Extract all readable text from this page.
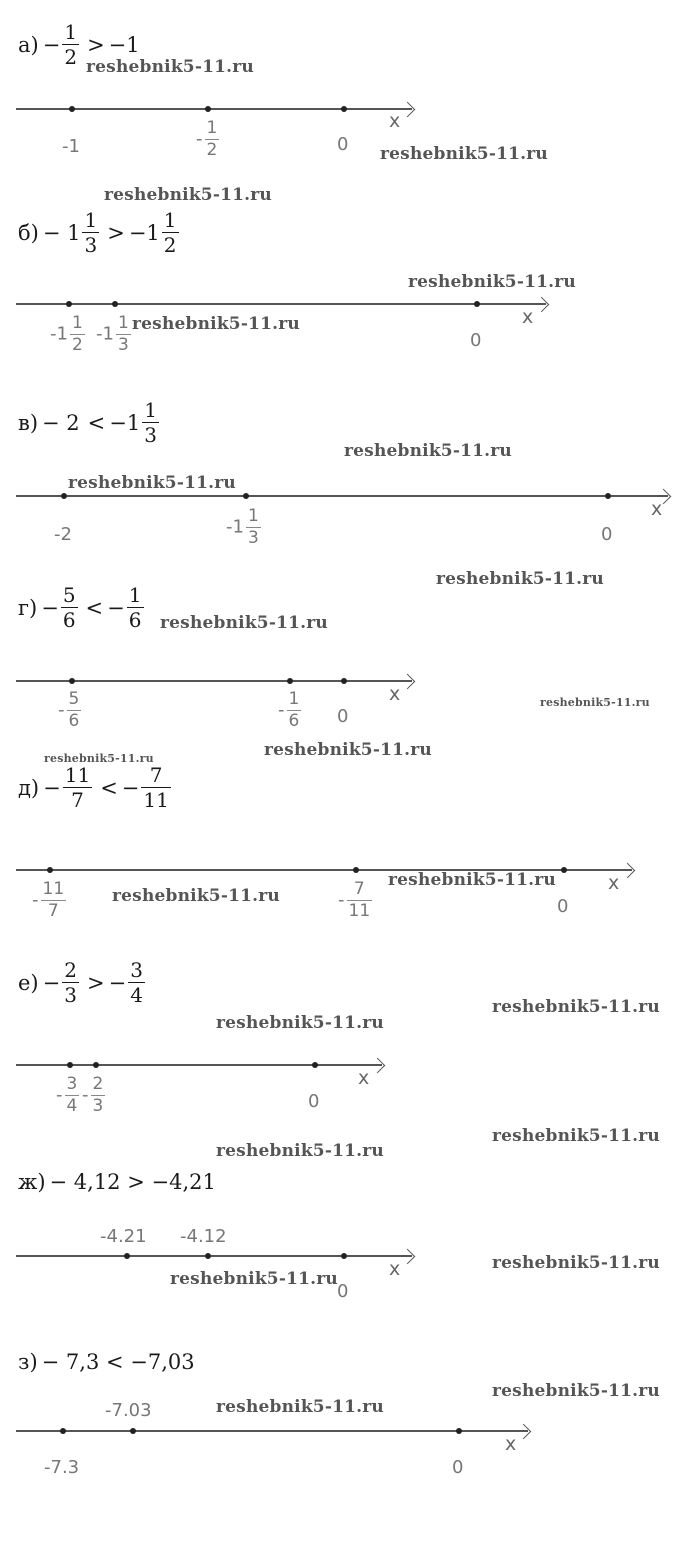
$а) - \frac{1}{2} > -1$
x
-1	- $\frac{1}{2}$	0
reshebnik5-11.ru
reshebnik5-11.ru
reshebnik5-11.ru
$б) - 1 \frac{1}{3} > -1 \frac{1}{2}$
reshebnik5-11.ru
x
$-1 \frac{1}{2} -1 \frac{1}{3}$	0
reshebnik5-11.ru
$в) - 2 < -1 \frac{1}{3}$
reshebnik5-11.ru
reshebnik5-11.ru
x
-2	$-1 \frac{1}{3}$	0
reshebnik5-11.ru
$г) - \frac{5}{6}$ < − $\frac{1}{6}$ reshebnik5-11.ru
x
- $\frac{5}{6}$	- $\frac{1}{6} 0$
reshebnik5-11.ru
reshebnik5-11.ru
reshebnik5-11.ru
$д) - \frac{11}{7}$ < − $\frac{7}{11}$
x
- $\frac{11}{7}$	- $\frac{7}{11}$	0
reshebnik5-11.ru
reshebnik5-11.ru
$е) - \frac{2}{3}$ > − $\frac{3}{4}$
reshebnik5-11.ru
reshebnik5-11.ru
x
- $\frac{3}{4} - \frac{2}{3}$	0
reshebnik5-11.ru
reshebnik5-11.ru
ж) − 4,12 > −4,21
-4.21 -4.12
x
0
reshebnik5-11.ru
reshebnik5-11.ru
з) − 7,3 < −7,03
reshebnik5-11.ru
-7.03	reshebnik5-11.ru
x
-7.3	0
